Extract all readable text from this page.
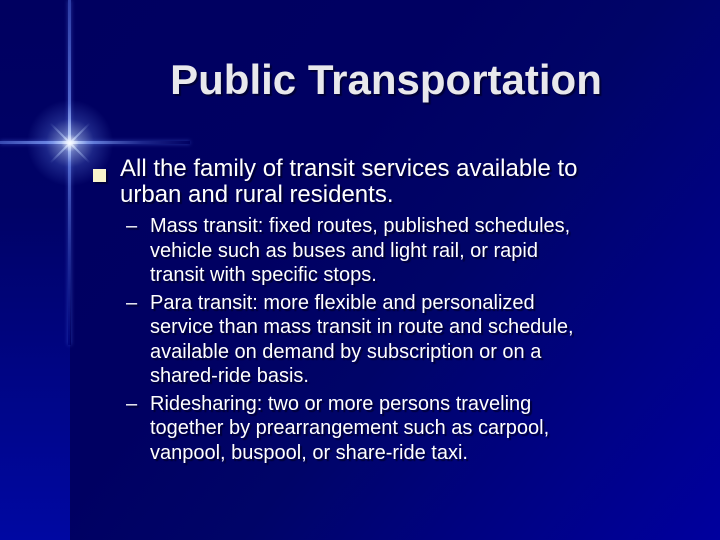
Public Transportation
All the family of transit services available to
urban and rural residents.
– Mass transit: fixed routes, published schedules,
vehicle such as buses and light rail, or rapid
transit with specific stops.
– Para transit: more flexible and personalized
service than mass transit in route and schedule,
available on demand by subscription or on a
shared-ride basis.
– Ridesharing: two or more persons traveling
together by prearrangement such as carpool,
vanpool, buspool, or share-ride taxi.
